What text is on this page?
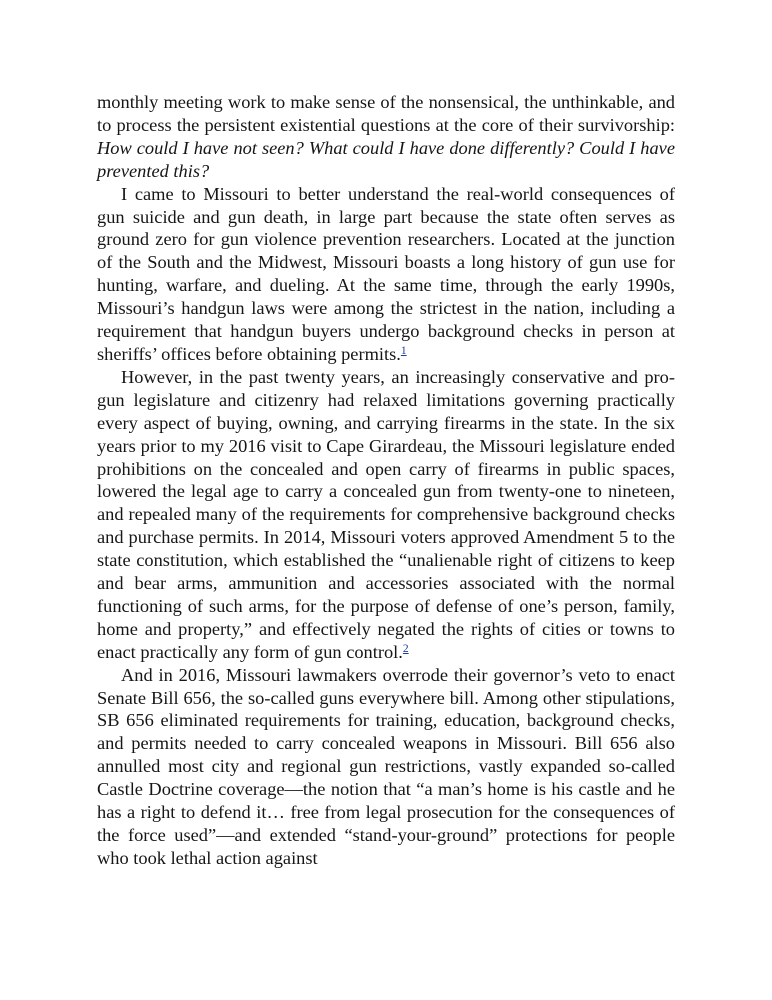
monthly meeting work to make sense of the nonsensical, the unthinkable, and to process the persistent existential questions at the core of their survivorship: How could I have not seen? What could I have done differently? Could I have prevented this?

I came to Missouri to better understand the real-world consequences of gun suicide and gun death, in large part because the state often serves as ground zero for gun violence prevention researchers. Located at the junction of the South and the Midwest, Missouri boasts a long history of gun use for hunting, warfare, and dueling. At the same time, through the early 1990s, Missouri’s handgun laws were among the strictest in the nation, including a requirement that handgun buyers undergo background checks in person at sheriffs’ offices before obtaining permits.$^1$

However, in the past twenty years, an increasingly conservative and pro-gun legislature and citizenry had relaxed limitations governing practically every aspect of buying, owning, and carrying firearms in the state. In the six years prior to my 2016 visit to Cape Girardeau, the Missouri legislature ended prohibitions on the concealed and open carry of firearms in public spaces, lowered the legal age to carry a concealed gun from twenty-one to nineteen, and repealed many of the requirements for comprehensive background checks and purchase permits. In 2014, Missouri voters approved Amendment 5 to the state constitution, which established the “unalienable right of citizens to keep and bear arms, ammunition and accessories associated with the normal functioning of such arms, for the purpose of defense of one’s person, family, home and property,” and effectively negated the rights of cities or towns to enact practically any form of gun control.$^2$

And in 2016, Missouri lawmakers overrode their governor’s veto to enact Senate Bill 656, the so-called guns everywhere bill. Among other stipulations, SB 656 eliminated requirements for training, education, background checks, and permits needed to carry concealed weapons in Missouri. Bill 656 also annulled most city and regional gun restrictions, vastly expanded so-called Castle Doctrine coverage—the notion that “a man’s home is his castle and he has a right to defend it… free from legal prosecution for the consequences of the force used”—and extended “stand-your-ground” protections for people who took lethal action against
